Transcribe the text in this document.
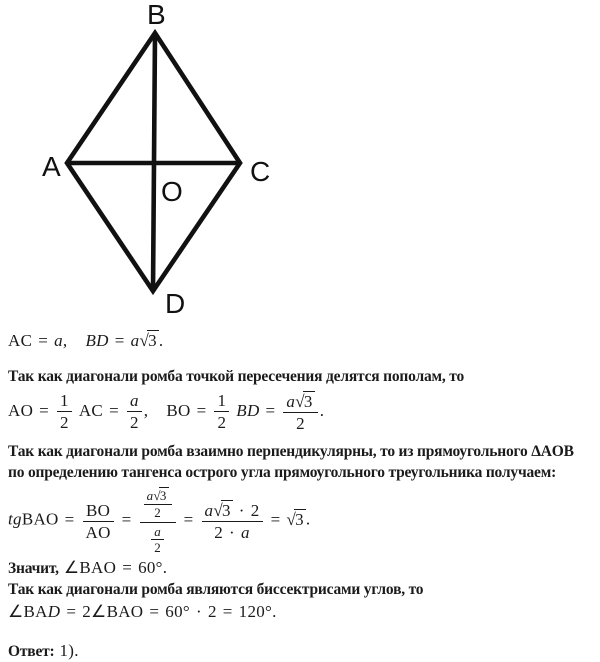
B
A	C
O
D
AC = a, BD = a√3 .
Так как диагонали ромба точкой пересечения делятся пополам, то
AO = $\frac{1}{2}$ AC = $\frac{a}{2}$ , BO = $\frac{1}{2}$ BD = $\frac{a√3}{2}$ .
Так как диагонали ромба взаимно перпендикулярны, то из прямоугольного ΔAOB
по определению тангенса острого угла прямоугольного треугольника получаем:
tgBAO = $\frac{BO}{AO} = \frac{\frac{a√3}{2}}{\frac{a}{2}} = \frac{a√3 \cdot 2}{2 \cdot a} = √3$ .
Значит, ∠BAO = 60°.
Так как диагонали ромба являются биссектрисами углов, то
∠BAD = 2∠BAO = 60° · 2 = 120°.
Ответ: 1).
